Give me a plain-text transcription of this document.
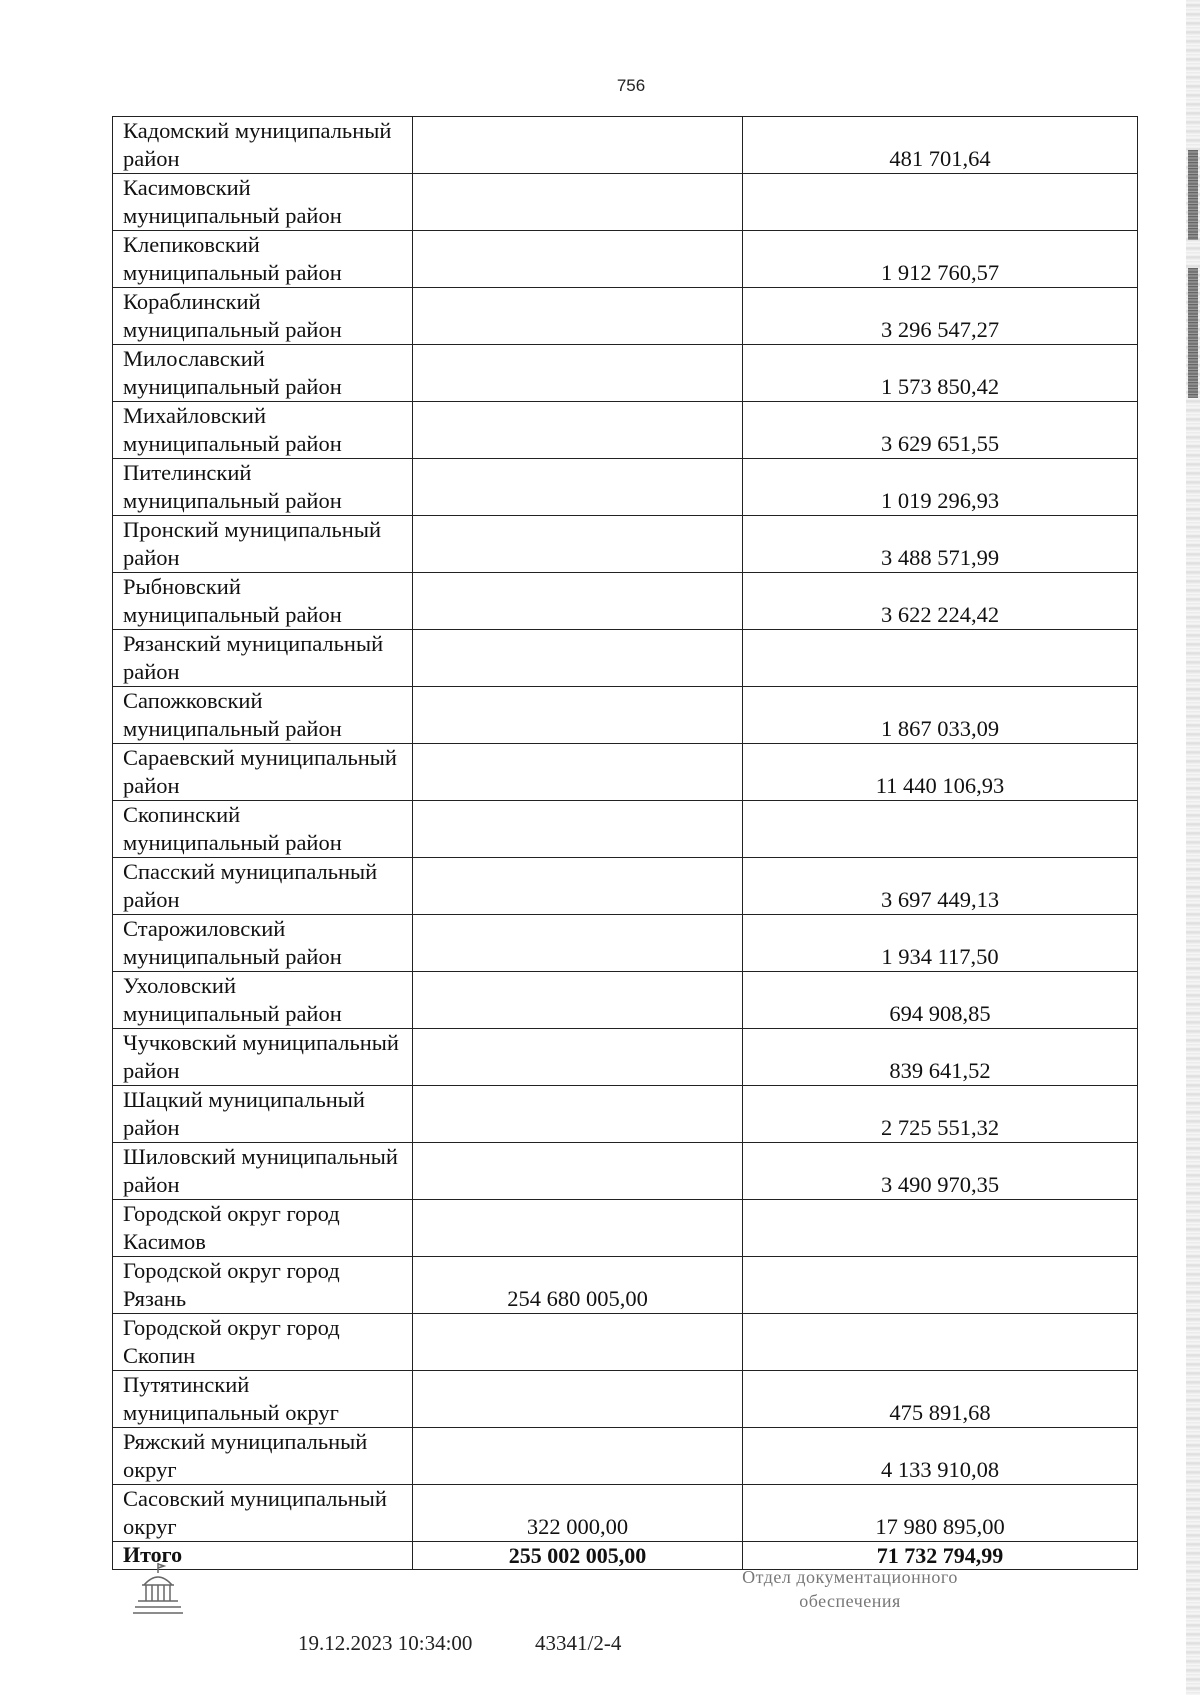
756
Кадомский муниципальный
район		481 701,64

Касимовский
муниципальный район		

Клепиковский
муниципальный район		1 912 760,57

Кораблинский
муниципальный район		3 296 547,27

Милославский
муниципальный район		1 573 850,42

Михайловский
муниципальный район		3 629 651,55

Пителинский
муниципальный район		1 019 296,93

Пронский муниципальный
район		3 488 571,99

Рыбновский
муниципальный район		3 622 224,42

Рязанский муниципальный
район		

Сапожковский
муниципальный район		1 867 033,09

Сараевский муниципальный
район		11 440 106,93

Скопинский
муниципальный район		

Спасский муниципальный
район		3 697 449,13

Старожиловский
муниципальный район		1 934 117,50

Ухоловский
муниципальный район		694 908,85

Чучковский муниципальный
район		839 641,52

Шацкий муниципальный
район		2 725 551,32

Шиловский муниципальный
район		3 490 970,35

Городской округ город
Касимов		

Городской округ город
Рязань	254 680 005,00	

Городской округ город
Скопин		

Путятинский
муниципальный округ		475 891,68

Ряжский муниципальный
округ		4 133 910,08

Сасовский муниципальный
округ	322 000,00	17 980 895,00
Итого	255 002 005,00	71 732 794,99
19.12.2023 10:34:00	43341/2-4
Отдел документационного
обеспечения
